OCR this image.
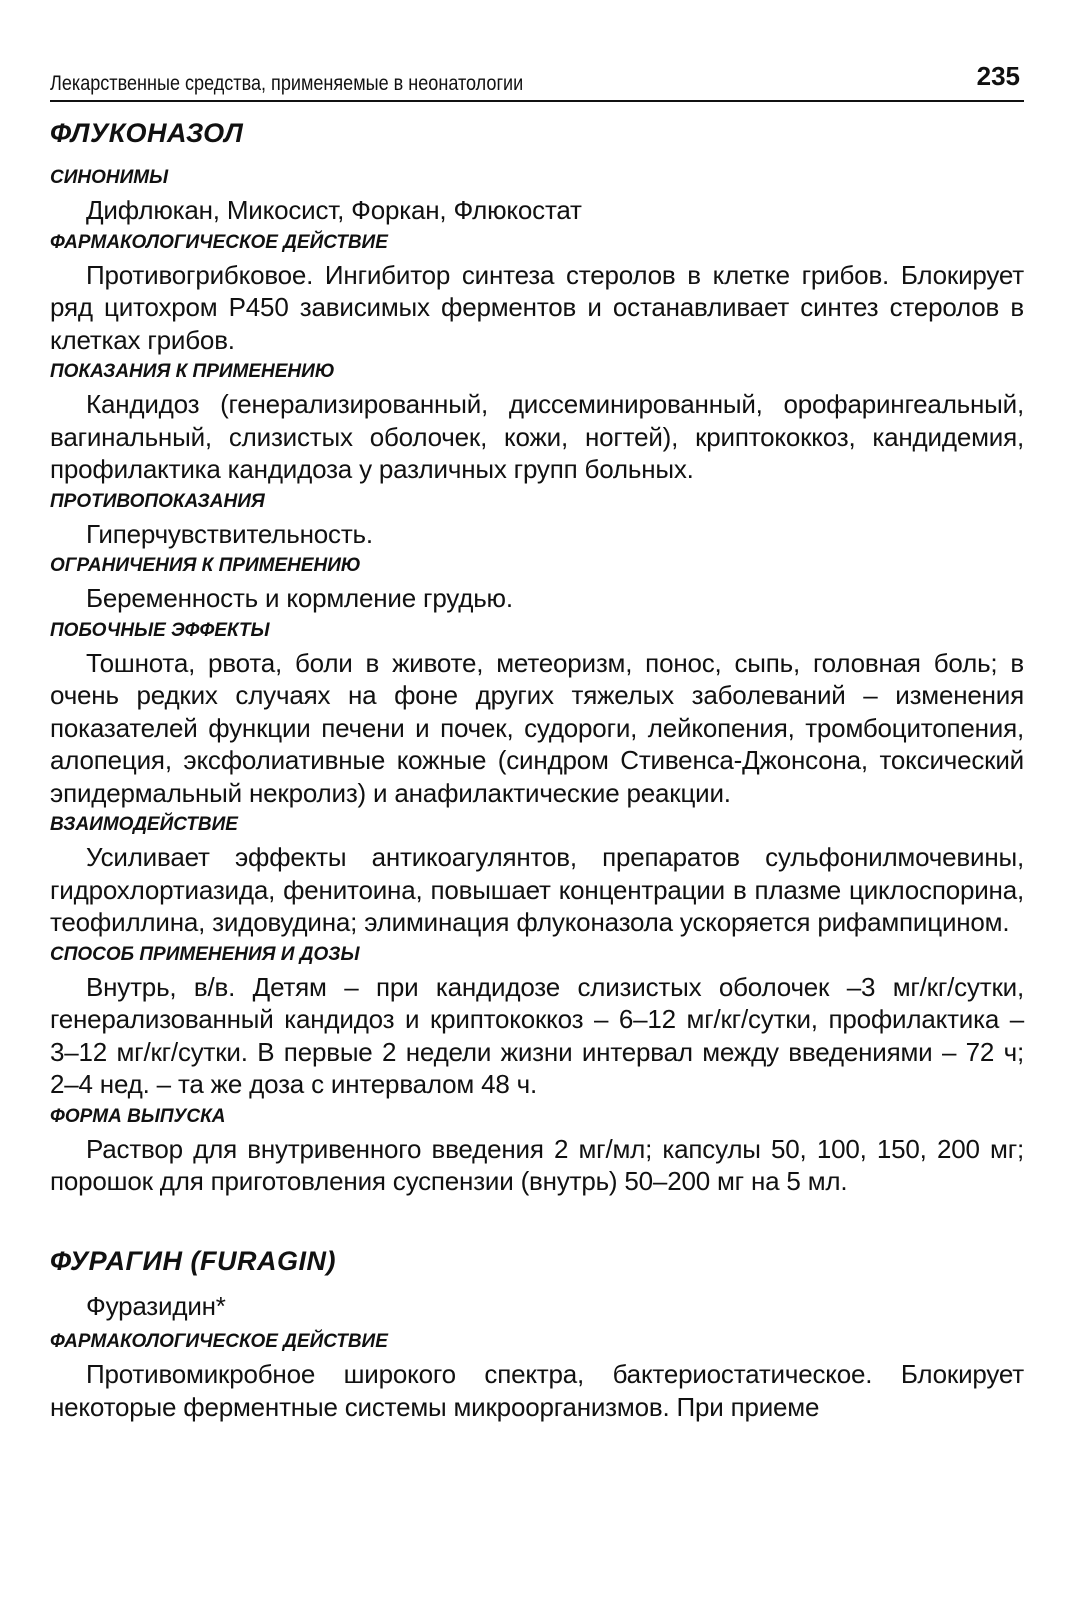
Лекарственные средства, применяемые в неонатологии	235
ФЛУКОНАЗОЛ
СИНОНИМЫ

Дифлюкан, Микосист, Форкан, Флюкостат

ФАРМАКОЛОГИЧЕСКОЕ ДЕЙСТВИЕ

Противогрибковое. Ингибитор синтеза стеролов в клетке грибов. Блокирует ряд цитохром Р450 зависимых ферментов и останавливает синтез стеролов в клетках грибов.

ПОКАЗАНИЯ К ПРИМЕНЕНИЮ

Кандидоз (генерализированный, диссеминированный, орофарингеальный, вагинальный, слизистых оболочек, кожи, ногтей), криптококкоз, кандидемия, профилактика кандидоза у различных групп больных.

ПРОТИВОПОКАЗАНИЯ

Гиперчувствительность.

ОГРАНИЧЕНИЯ К ПРИМЕНЕНИЮ

Беременность и кормление грудью.

ПОБОЧНЫЕ ЭФФЕКТЫ

Тошнота, рвота, боли в животе, метеоризм, понос, сыпь, головная боль; в очень редких случаях на фоне других тяжелых заболеваний – изменения показателей функции печени и почек, судороги, лейкопения, тромбоцитопения, алопеция, эксфолиативные кожные (синдром Стивенса-Джонсона, токсический эпидермальный некролиз) и анафилактические реакции.

ВЗАИМОДЕЙСТВИЕ

Усиливает эффекты антикоагулянтов, препаратов сульфонилмочевины, гидрохлортиазида, фенитоина, повышает концентрации в плазме циклоспорина, теофиллина, зидовудина; элиминация флуконазола ускоряется рифампицином.

СПОСОБ ПРИМЕНЕНИЯ И ДОЗЫ

Внутрь, в/в. Детям – при кандидозе слизистых оболочек –3 мг/кг/сутки, генерализованный кандидоз и криптококкоз – 6–12 мг/кг/сутки, профилактика – 3–12 мг/кг/сутки. В первые 2 недели жизни интервал между введениями – 72 ч; 2–4 нед. – та же доза с интервалом 48 ч.

ФОРМА ВЫПУСКА

Раствор для внутривенного введения 2 мг/мл; капсулы 50, 100, 150, 200 мг; порошок для приготовления суспензии (внутрь) 50–200 мг на 5 мл.

ФУРАГИН (FURAGIN)

Фуразидин*

ФАРМАКОЛОГИЧЕСКОЕ ДЕЙСТВИЕ

Противомикробное широкого спектра, бактериостатическое. Блокирует некоторые ферментные системы микроорганизмов. При приеме
